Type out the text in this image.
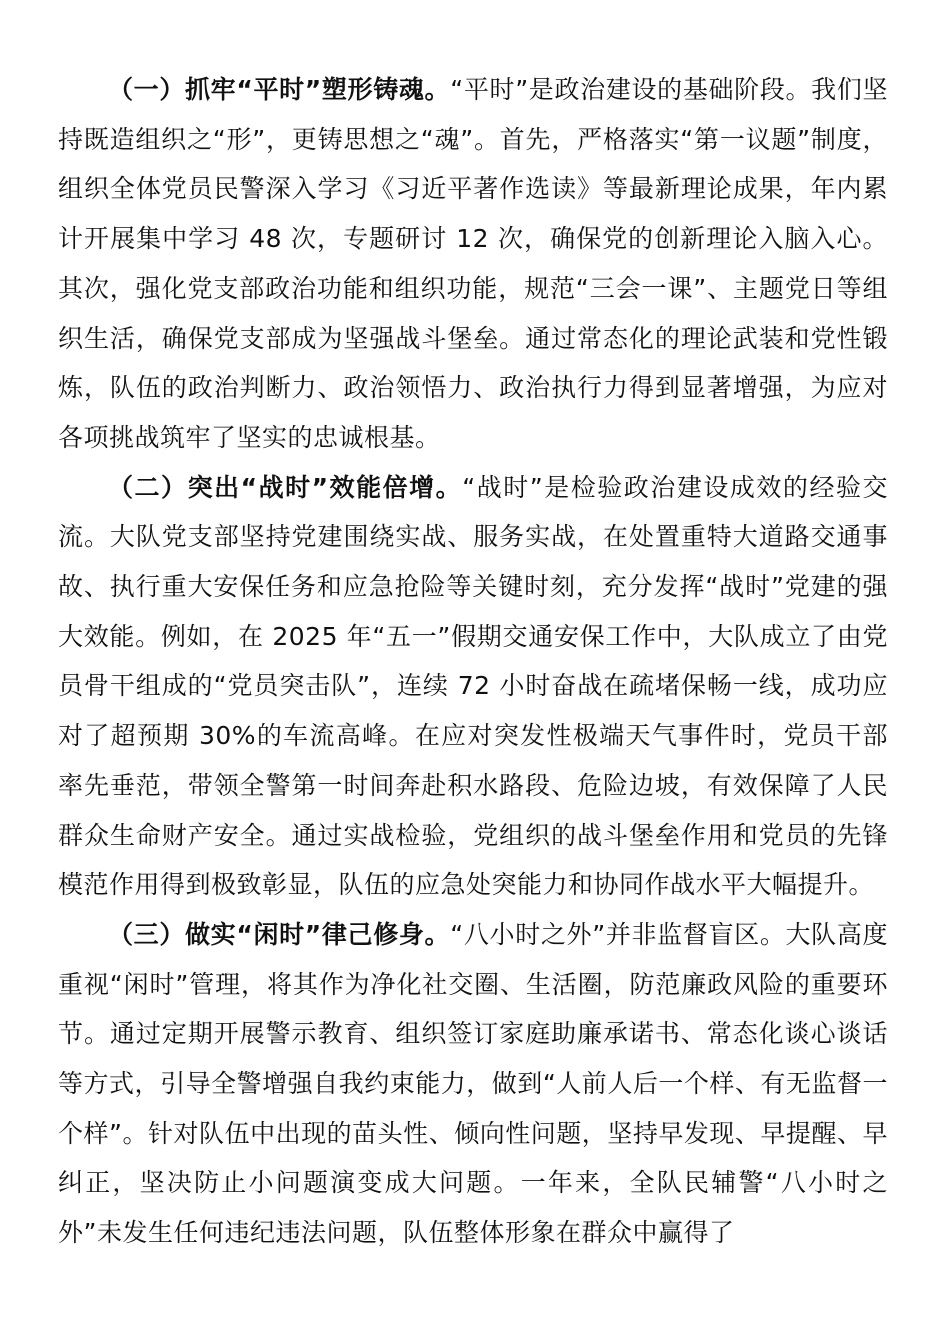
（一）抓牢“平时”塑形铸魂。“平时”是政治建设的基础阶段。我们坚持既造组织之“形”，更铸思想之“魂”。首先，严格落实“第一议题”制度，组织全体党员民警深入学习《习近平著作选读》等最新理论成果，年内累计开展集中学习 48 次，专题研讨 12 次，确保党的创新理论入脑入心。其次，强化党支部政治功能和组织功能，规范“三会一课”、主题党日等组织生活，确保党支部成为坚强战斗堡垒。通过常态化的理论武装和党性锻炼，队伍的政治判断力、政治领悟力、政治执行力得到显著增强，为应对各项挑战筑牢了坚实的忠诚根基。

（二）突出“战时”效能倍增。“战时”是检验政治建设成效的经验交流。大队党支部坚持党建围绕实战、服务实战，在处置重特大道路交通事故、执行重大安保任务和应急抢险等关键时刻，充分发挥“战时”党建的强大效能。例如，在 2025 年“五一”假期交通安保工作中，大队成立了由党员骨干组成的“党员突击队”，连续 72 小时奋战在疏堵保畅一线，成功应对了超预期 30%的车流高峰。在应对突发性极端天气事件时，党员干部率先垂范，带领全警第一时间奔赴积水路段、危险边坡，有效保障了人民群众生命财产安全。通过实战检验，党组织的战斗堡垒作用和党员的先锋模范作用得到极致彰显，队伍的应急处突能力和协同作战水平大幅提升。

（三）做实“闲时”律己修身。“八小时之外”并非监督盲区。大队高度重视“闲时”管理，将其作为净化社交圈、生活圈，防范廉政风险的重要环节。通过定期开展警示教育、组织签订家庭助廉承诺书、常态化谈心谈话等方式，引导全警增强自我约束能力，做到“人前人后一个样、有无监督一个样”。针对队伍中出现的苗头性、倾向性问题，坚持早发现、早提醒、早纠正，坚决防止小问题演变成大问题。一年来，全队民辅警“八小时之外”未发生任何违纪违法问题，队伍整体形象在群众中赢得了
